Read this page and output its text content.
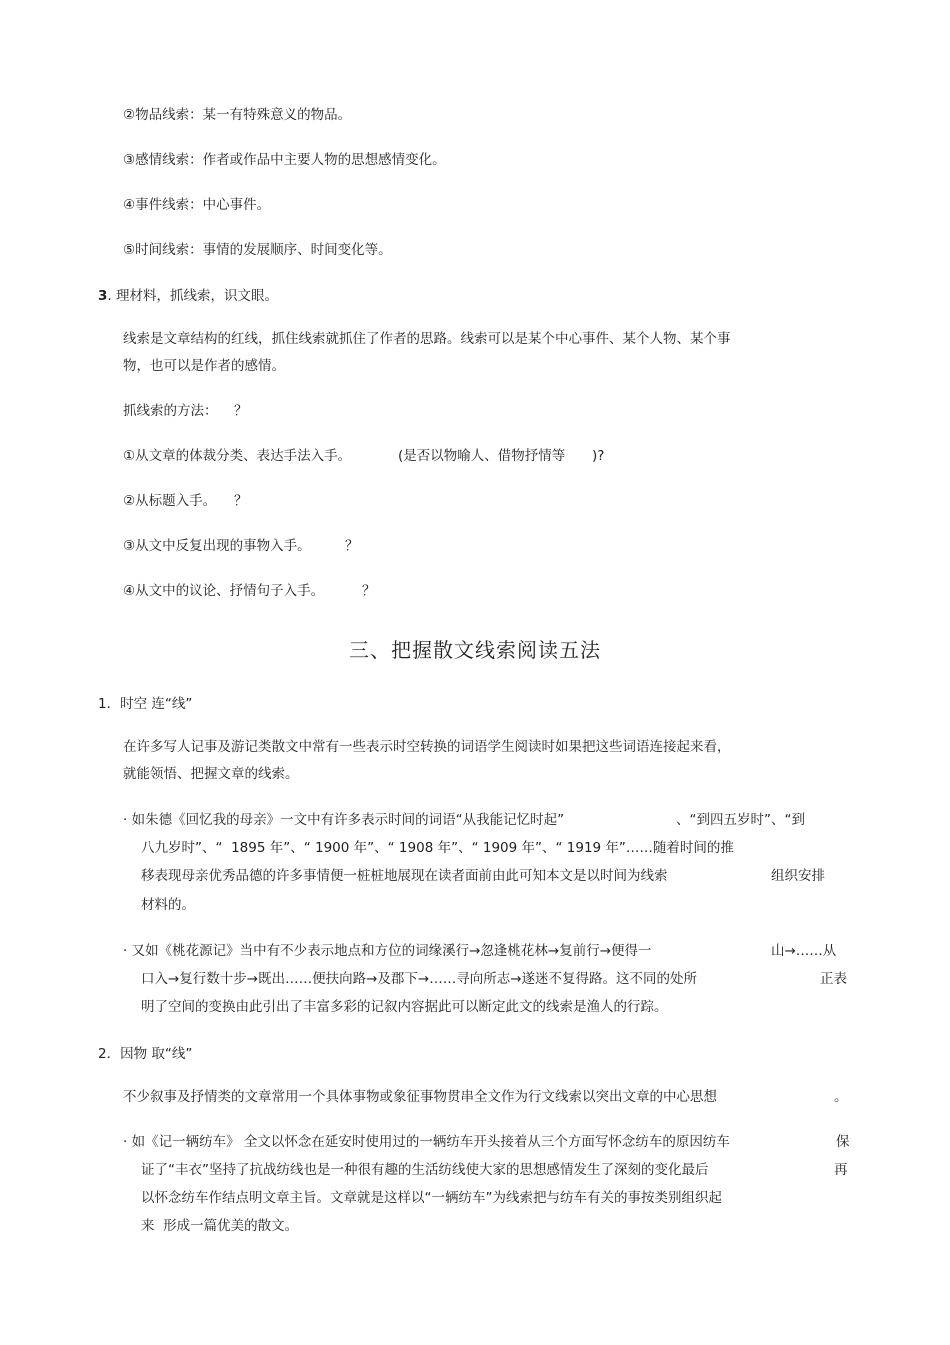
②物品线索：某一有特殊意义的物品。
③感情线索：作者或作品中主要人物的思想感情变化。
④事件线索：中心事件。
⑤时间线索：事情的发展顺序、时间变化等。
3. 理材料，抓线索，识文眼。
线索是文章结构的红线，抓住线索就抓住了作者的思路。线索可以是某个中心事件、某个人物、某个事
物，也可以是作者的感情。
抓线索的方法： ？
①从文章的体裁分类、表达手法入手。	(是否以物喻人、借物抒情等 )?
②从标题入手。 ？
③从文中反复出现的事物入手。	？
④从文中的议论、抒情句子入手。	？
三、把握散文线索阅读五法
1．时空 连“线”
在许多写人记事及游记类散文中常有一些表示时空转换的词语学生阅读时如果把这些词语连接起来看，
就能领悟、把握文章的线索。
· 如朱德《回忆我的母亲》一文中有许多表示时间的词语“从我能记忆时起”	、“到四五岁时”、“到
八九岁时”、“  1895 年”、“ 1900 年”、“ 1908 年”、“ 1909 年”、“ 1919 年”……随着时间的推
移表现母亲优秀品德的许多事情便一桩桩地展现在读者面前由此可知本文是以时间为线索	组织安排
材料的。
· 又如《桃花源记》当中有不少表示地点和方位的词缘溪行→忽逢桃花林→复前行→便得一	山→……从
口入→复行数十步→既出……便扶向路→及郡下→……寻向所志→遂迷不复得路。这不同的处所	正表
明了空间的变换由此引出了丰富多彩的记叙内容据此可以断定此文的线索是渔人的行踪。
2．因物 取“线”
不少叙事及抒情类的文章常用一个具体事物或象征事物贯串全文作为行文线索以突出文章的中心思想	。
· 如《记一辆纺车》 全文以怀念在延安时使用过的一辆纺车开头接着从三个方面写怀念纺车的原因纺车	保
证了“丰衣”坚持了抗战纺线也是一种很有趣的生活纺线使大家的思想感情发生了深刻的变化最后	再
以怀念纺车作结点明文章主旨。文章就是这样以“一辆纺车”为线索把与纺车有关的事按类别组织起
来  形成一篇优美的散文。
